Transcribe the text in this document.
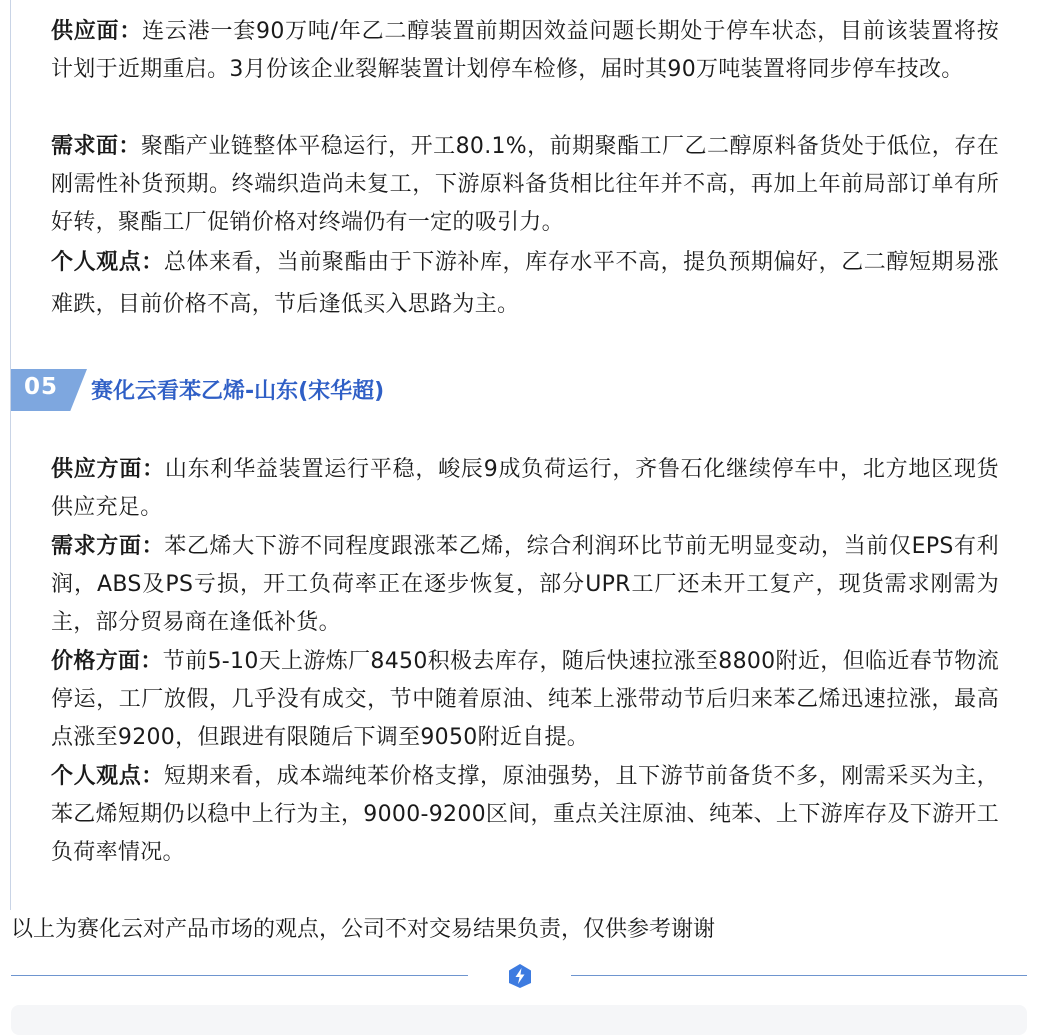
供应面：连云港一套90万吨/年乙二醇装置前期因效益问题长期处于停车状态，目前该装置将按计划于近期重启。3月份该企业裂解装置计划停车检修，届时其90万吨装置将同步停车技改。

需求面：聚酯产业链整体平稳运行，开工80.1%，前期聚酯工厂乙二醇原料备货处于低位，存在刚需性补货预期。终端织造尚未复工，下游原料备货相比往年并不高，再加上年前局部订单有所好转，聚酯工厂促销价格对终端仍有一定的吸引力。

个人观点：总体来看，当前聚酯由于下游补库，库存水平不高，提负预期偏好，乙二醇短期易涨难跌，目前价格不高，节后逢低买入思路为主。

05 赛化云看苯乙烯-山东(宋华超)

供应方面：山东利华益装置运行平稳，峻辰9成负荷运行，齐鲁石化继续停车中，北方地区现货供应充足。

需求方面：苯乙烯大下游不同程度跟涨苯乙烯，综合利润环比节前无明显变动，当前仅EPS有利润，ABS及PS亏损，开工负荷率正在逐步恢复，部分UPR工厂还未开工复产，现货需求刚需为主，部分贸易商在逢低补货。

价格方面：节前5-10天上游炼厂8450积极去库存，随后快速拉涨至8800附近，但临近春节物流停运，工厂放假，几乎没有成交，节中随着原油、纯苯上涨带动节后归来苯乙烯迅速拉涨，最高点涨至9200，但跟进有限随后下调至9050附近自提。

个人观点：短期来看，成本端纯苯价格支撑，原油强势，且下游节前备货不多，刚需采买为主，苯乙烯短期仍以稳中上行为主，9000-9200区间，重点关注原油、纯苯、上下游库存及下游开工负荷率情况。

以上为赛化云对产品市场的观点，公司不对交易结果负责，仅供参考谢谢
